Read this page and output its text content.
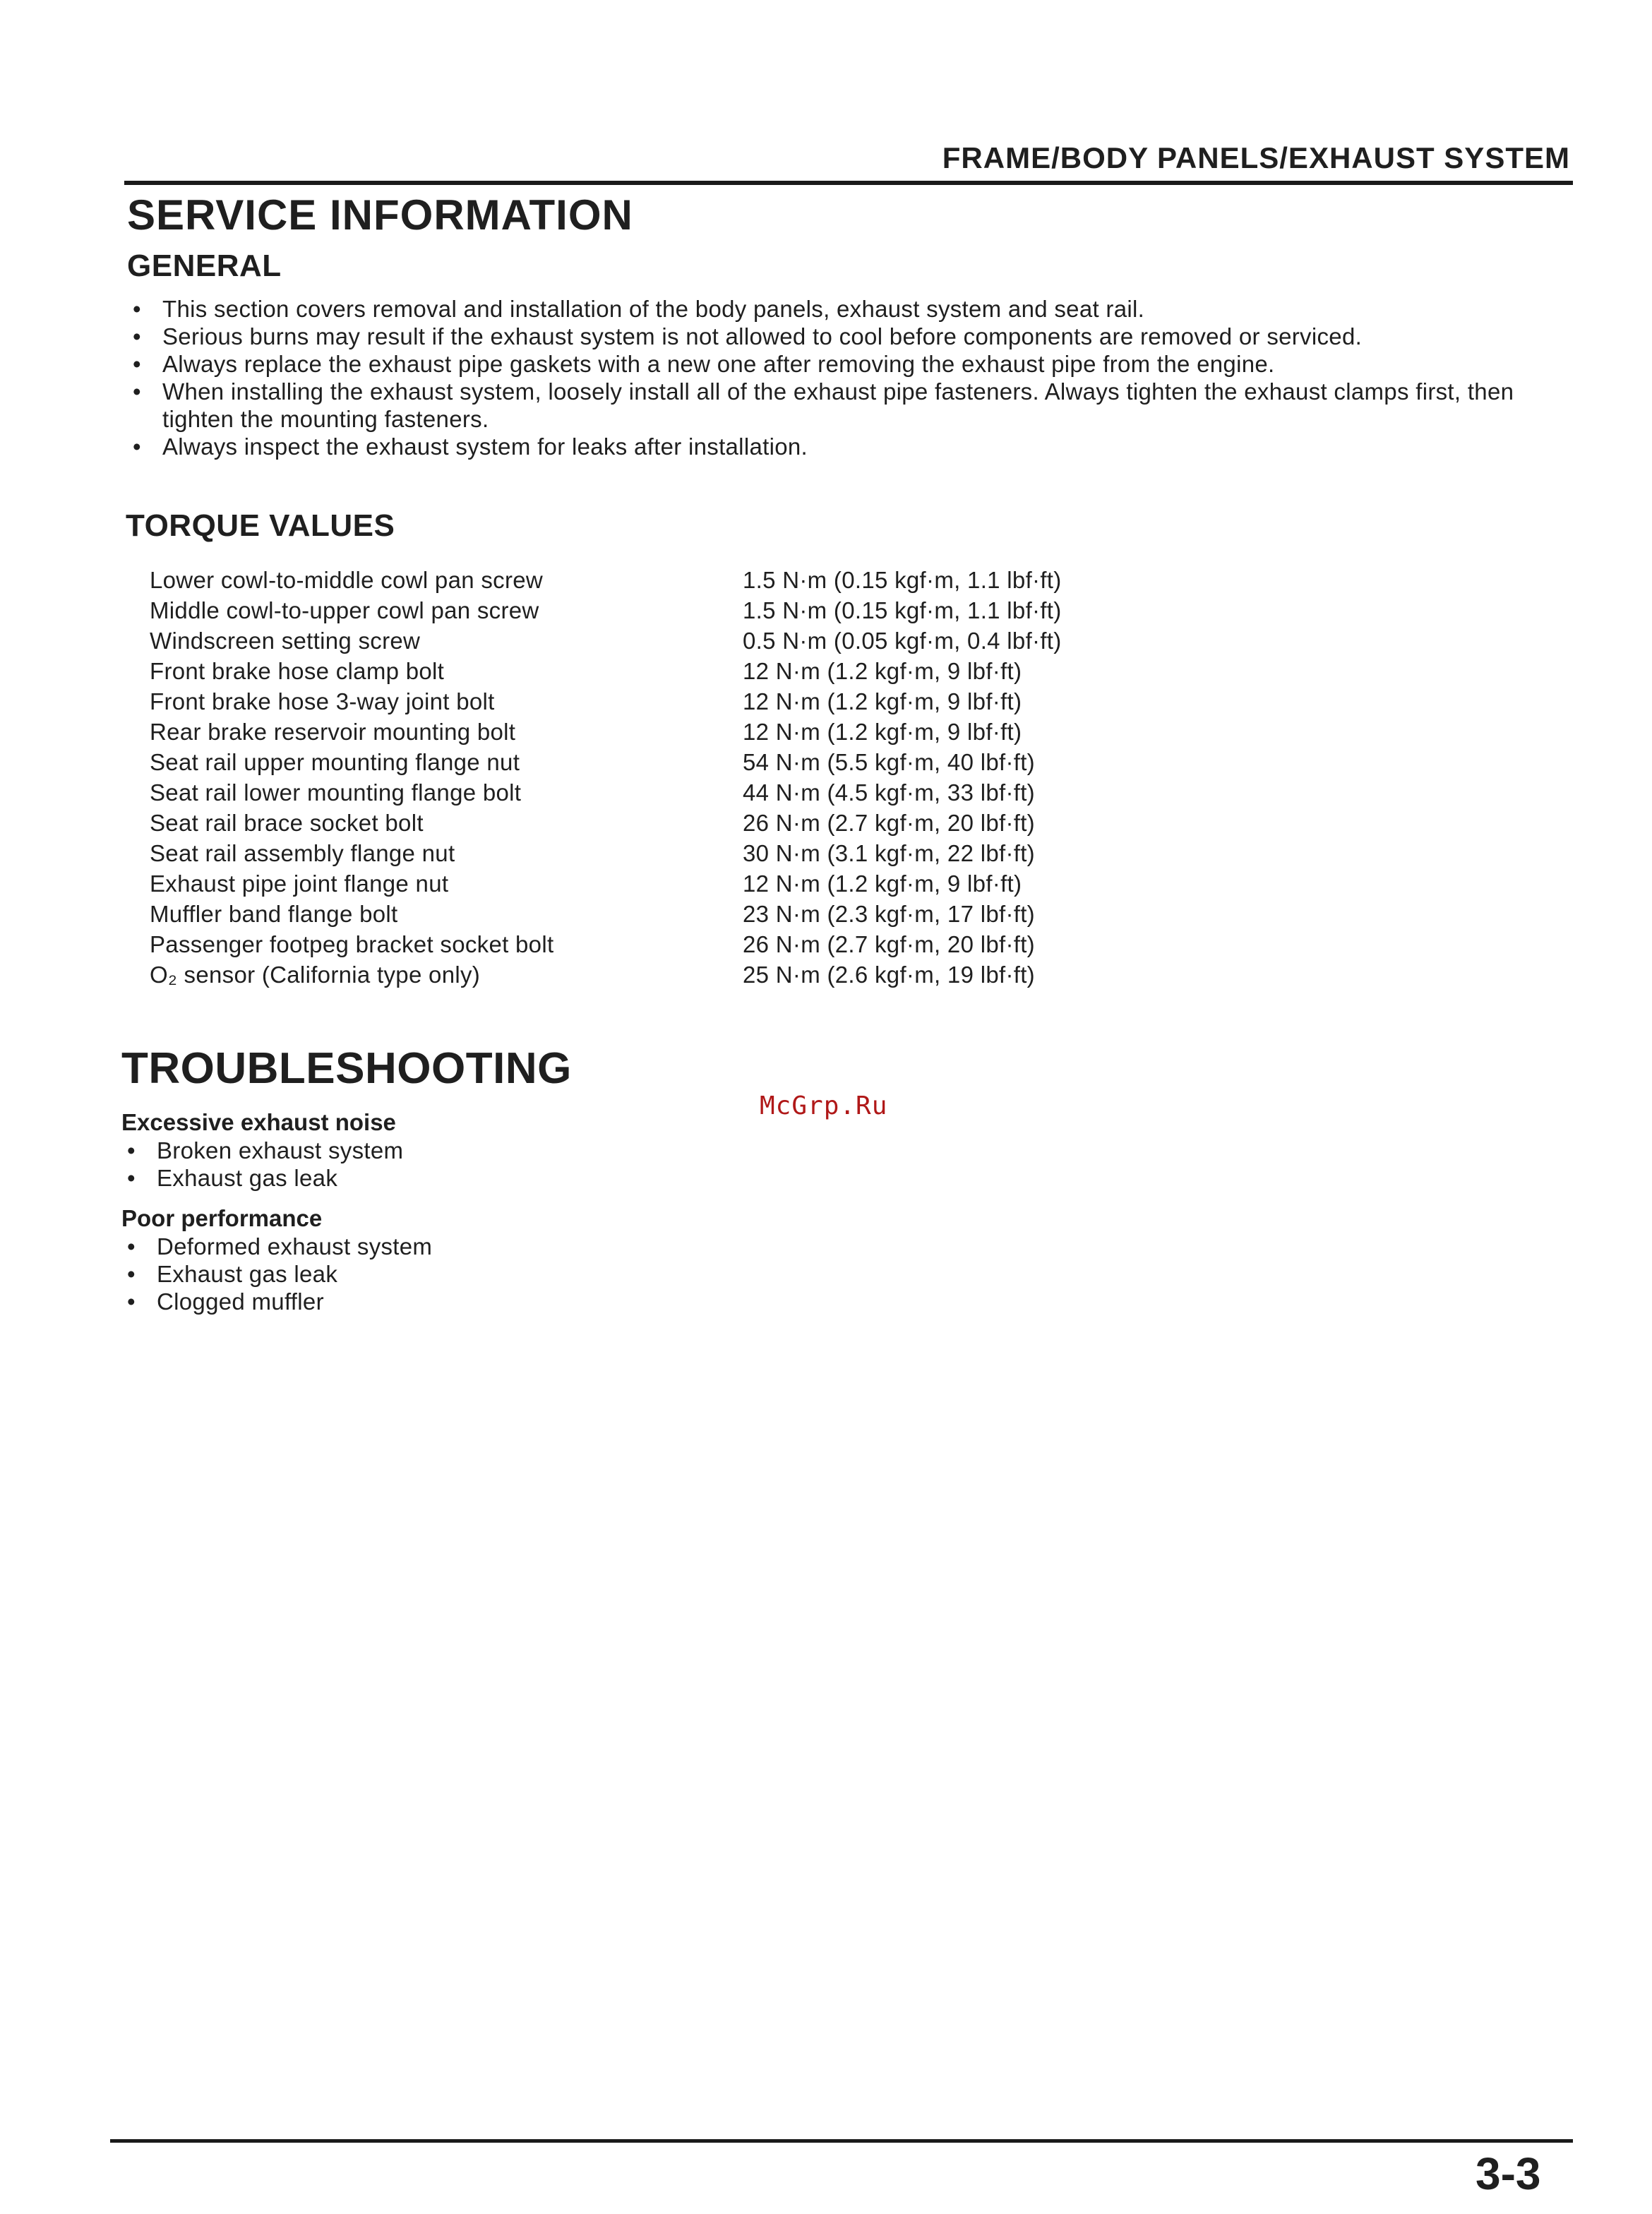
FRAME/BODY PANELS/EXHAUST SYSTEM
SERVICE INFORMATION
GENERAL
• This section covers removal and installation of the body panels, exhaust system and seat rail.
• Serious burns may result if the exhaust system is not allowed to cool before components are removed or serviced.
• Always replace the exhaust pipe gaskets with a new one after removing the exhaust pipe from the engine.
• When installing the exhaust system, loosely install all of the exhaust pipe fasteners. Always tighten the exhaust clamps first, then tighten the mounting fasteners.
• Always inspect the exhaust system for leaks after installation.
TORQUE VALUES
Lower cowl-to-middle cowl pan screw	1.5 N·m (0.15 kgf·m, 1.1 lbf·ft)
Middle cowl-to-upper cowl pan screw	1.5 N·m (0.15 kgf·m, 1.1 lbf·ft)
Windscreen setting screw	0.5 N·m (0.05 kgf·m, 0.4 lbf·ft)
Front brake hose clamp bolt	12 N·m (1.2 kgf·m, 9 lbf·ft)
Front brake hose 3-way joint bolt	12 N·m (1.2 kgf·m, 9 lbf·ft)
Rear brake reservoir mounting bolt	12 N·m (1.2 kgf·m, 9 lbf·ft)
Seat rail upper mounting flange nut	54 N·m (5.5 kgf·m, 40 lbf·ft)
Seat rail lower mounting flange bolt	44 N·m (4.5 kgf·m, 33 lbf·ft)
Seat rail brace socket bolt	26 N·m (2.7 kgf·m, 20 lbf·ft)
Seat rail assembly flange nut	30 N·m (3.1 kgf·m, 22 lbf·ft)
Exhaust pipe joint flange nut	12 N·m (1.2 kgf·m, 9 lbf·ft)
Muffler band flange bolt	23 N·m (2.3 kgf·m, 17 lbf·ft)
Passenger footpeg bracket socket bolt	26 N·m (2.7 kgf·m, 20 lbf·ft)
O₂ sensor (California type only)	25 N·m (2.6 kgf·m, 19 lbf·ft)
TROUBLESHOOTING
McGrp.Ru
Excessive exhaust noise
• Broken exhaust system
• Exhaust gas leak
Poor performance
• Deformed exhaust system
• Exhaust gas leak
• Clogged muffler
3-3
